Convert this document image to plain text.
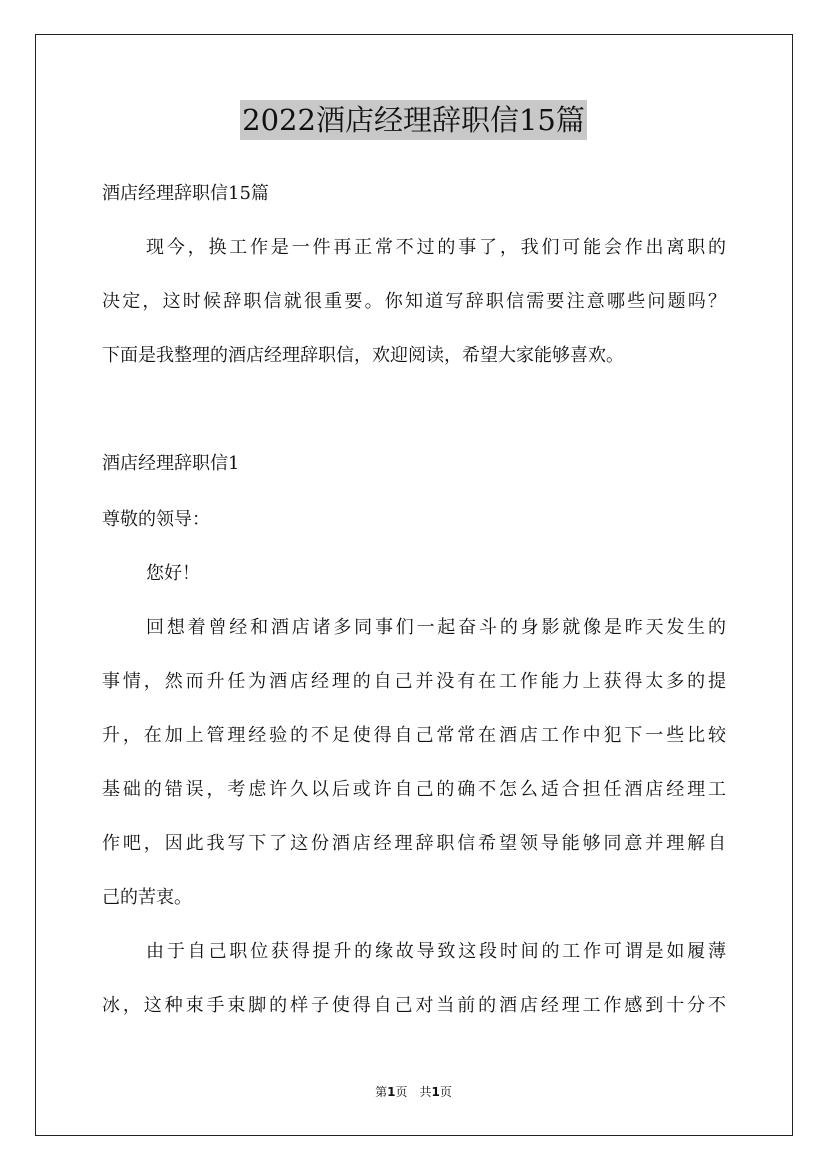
2022酒店经理辞职信15篇
酒店经理辞职信15篇
现今，换工作是一件再正常不过的事了，我们可能会作出离职的
决定，这时候辞职信就很重要。你知道写辞职信需要注意哪些问题吗？
下面是我整理的酒店经理辞职信，欢迎阅读，希望大家能够喜欢。
酒店经理辞职信1
尊敬的领导：
您好！
回想着曾经和酒店诸多同事们一起奋斗的身影就像是昨天发生的
事情，然而升任为酒店经理的自己并没有在工作能力上获得太多的提
升，在加上管理经验的不足使得自己常常在酒店工作中犯下一些比较
基础的错误，考虑许久以后或许自己的确不怎么适合担任酒店经理工
作吧，因此我写下了这份酒店经理辞职信希望领导能够同意并理解自
己的苦衷。
由于自己职位获得提升的缘故导致这段时间的工作可谓是如履薄
冰，这种束手束脚的样子使得自己对当前的酒店经理工作感到十分不
第1页　共1页
